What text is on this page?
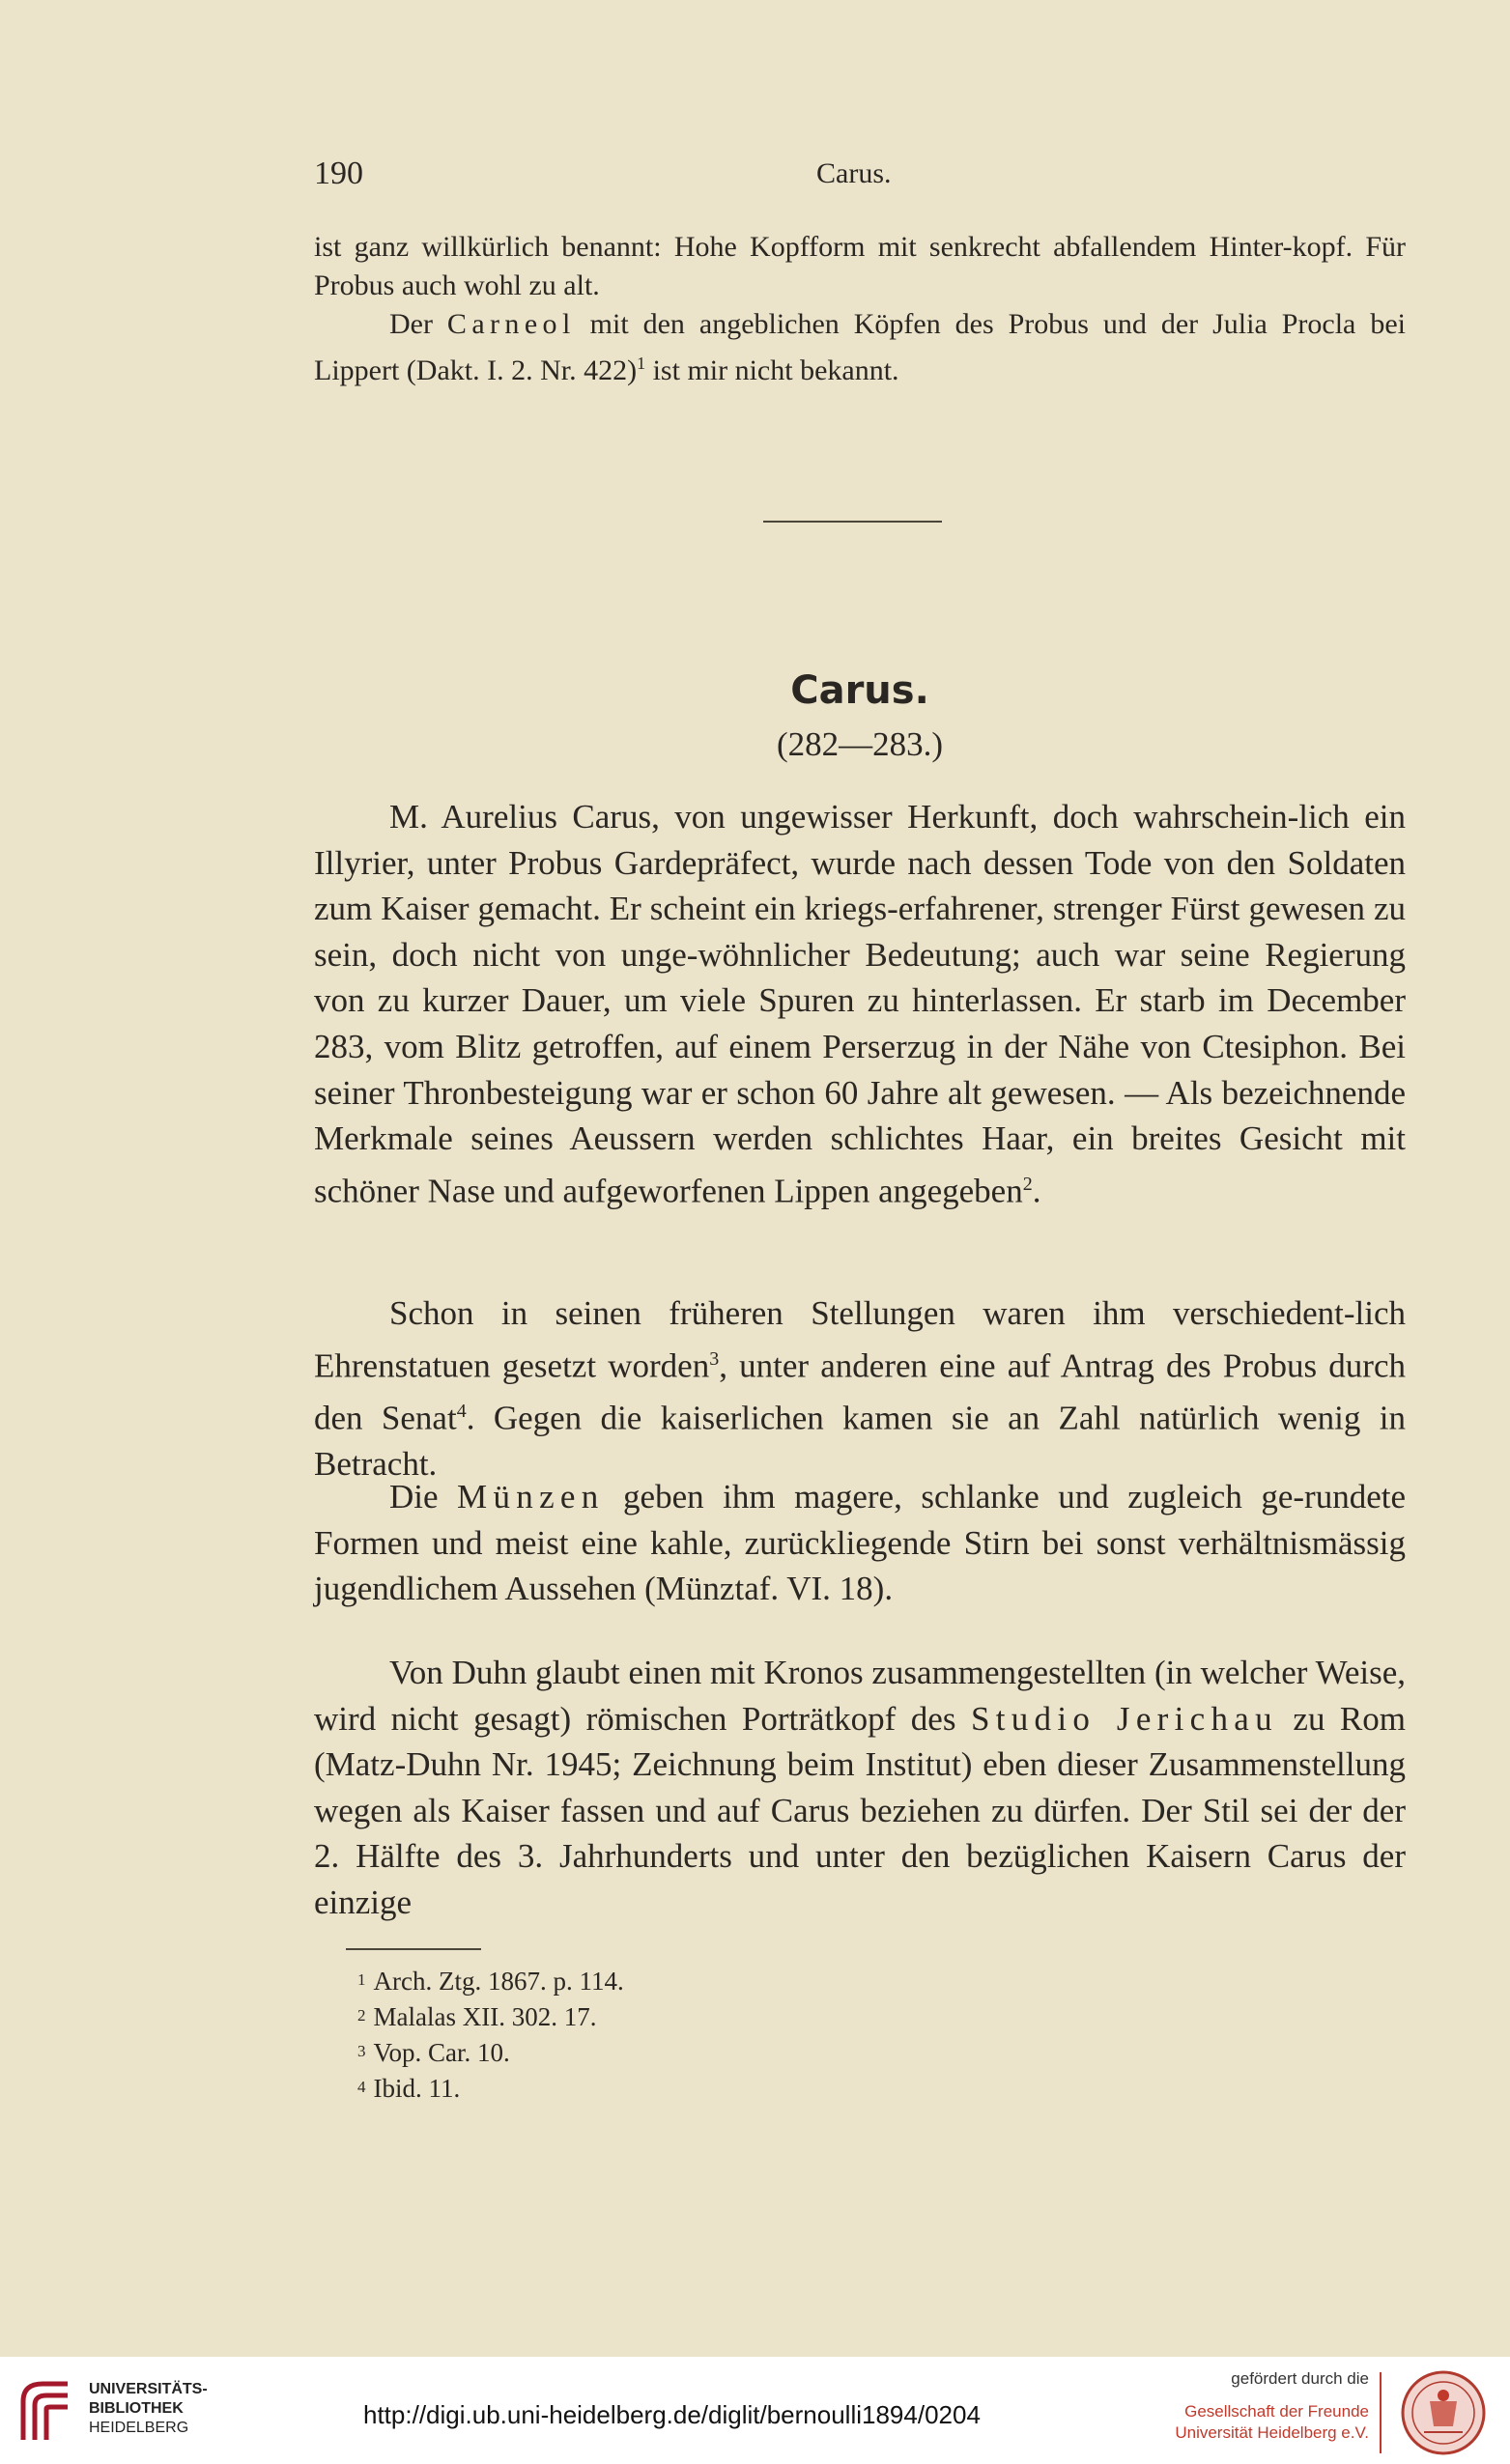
190	Carus.
ist ganz willkürlich benannt: Hohe Kopfform mit senkrecht abfallendem Hinter-kopf. Für Probus auch wohl zu alt.
Der Carneol mit den angeblichen Köpfen des Probus und der Julia Procla bei Lippert (Dakt. I. 2. Nr. 422)$^1$ ist mir nicht bekannt.
Carus.
(282—283.)
M. Aurelius Carus, von ungewisser Herkunft, doch wahrschein-lich ein Illyrier, unter Probus Gardepräfect, wurde nach dessen Tode von den Soldaten zum Kaiser gemacht. Er scheint ein kriegs-erfahrener, strenger Fürst gewesen zu sein, doch nicht von unge-wöhnlicher Bedeutung; auch war seine Regierung von zu kurzer Dauer, um viele Spuren zu hinterlassen. Er starb im December 283, vom Blitz getroffen, auf einem Perserzug in der Nähe von Ctesiphon. Bei seiner Thronbesteigung war er schon 60 Jahre alt gewesen. — Als bezeichnende Merkmale seines Aeussern werden schlichtes Haar, ein breites Gesicht mit schöner Nase und aufgeworfenen Lippen angegeben$^2$.
Schon in seinen früheren Stellungen waren ihm verschiedent-lich Ehrenstatuen gesetzt worden$^3$, unter anderen eine auf Antrag des Probus durch den Senat$^4$. Gegen die kaiserlichen kamen sie an Zahl natürlich wenig in Betracht.
Die Münzen geben ihm magere, schlanke und zugleich ge-rundete Formen und meist eine kahle, zurückliegende Stirn bei sonst verhältnismässig jugendlichem Aussehen (Münztaf. VI. 18).
Von Duhn glaubt einen mit Kronos zusammengestellten (in welcher Weise, wird nicht gesagt) römischen Porträtkopf des Studio Jerichau zu Rom (Matz-Duhn Nr. 1945; Zeichnung beim Institut) eben dieser Zusammenstellung wegen als Kaiser fassen und auf Carus beziehen zu dürfen. Der Stil sei der der 2. Hälfte des 3. Jahrhunderts und unter den bezüglichen Kaisern Carus der einzige
$^1$ Arch. Ztg. 1867. p. 114.
$^2$ Malalas XII. 302. 17.
$^3$ Vop. Car. 10.
$^4$ Ibid. 11.
UNIVERSITÄTS-
BIBLIOTHEK
HEIDELBERG	http://digi.ub.uni-heidelberg.de/diglit/bernoulli1894/0204
gefördert durch die
Gesellschaft der Freunde
Universität Heidelberg e.V.
